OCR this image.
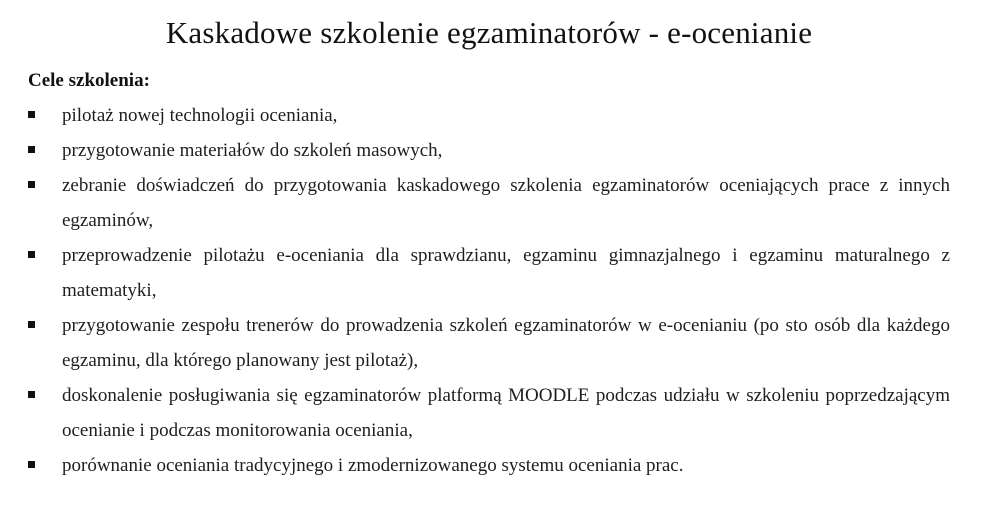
Kaskadowe szkolenie egzaminatorów - e-ocenianie
Cele szkolenia:
pilotaż nowej technologii oceniania,
przygotowanie materiałów do szkoleń masowych,
zebranie doświadczeń do przygotowania kaskadowego szkolenia egzaminatorów oceniających prace z innych egzaminów,
przeprowadzenie pilotażu e-oceniania dla sprawdzianu, egzaminu gimnazjalnego i egzaminu maturalnego z matematyki,
przygotowanie zespołu trenerów do prowadzenia szkoleń egzaminatorów w e-ocenianiu (po sto osób dla każdego egzaminu, dla którego planowany jest pilotaż),
doskonalenie posługiwania się egzaminatorów platformą MOODLE podczas udziału w szkoleniu poprzedzającym ocenianie i podczas monitorowania oceniania,
porównanie oceniania tradycyjnego i zmodernizowanego systemu oceniania prac.
